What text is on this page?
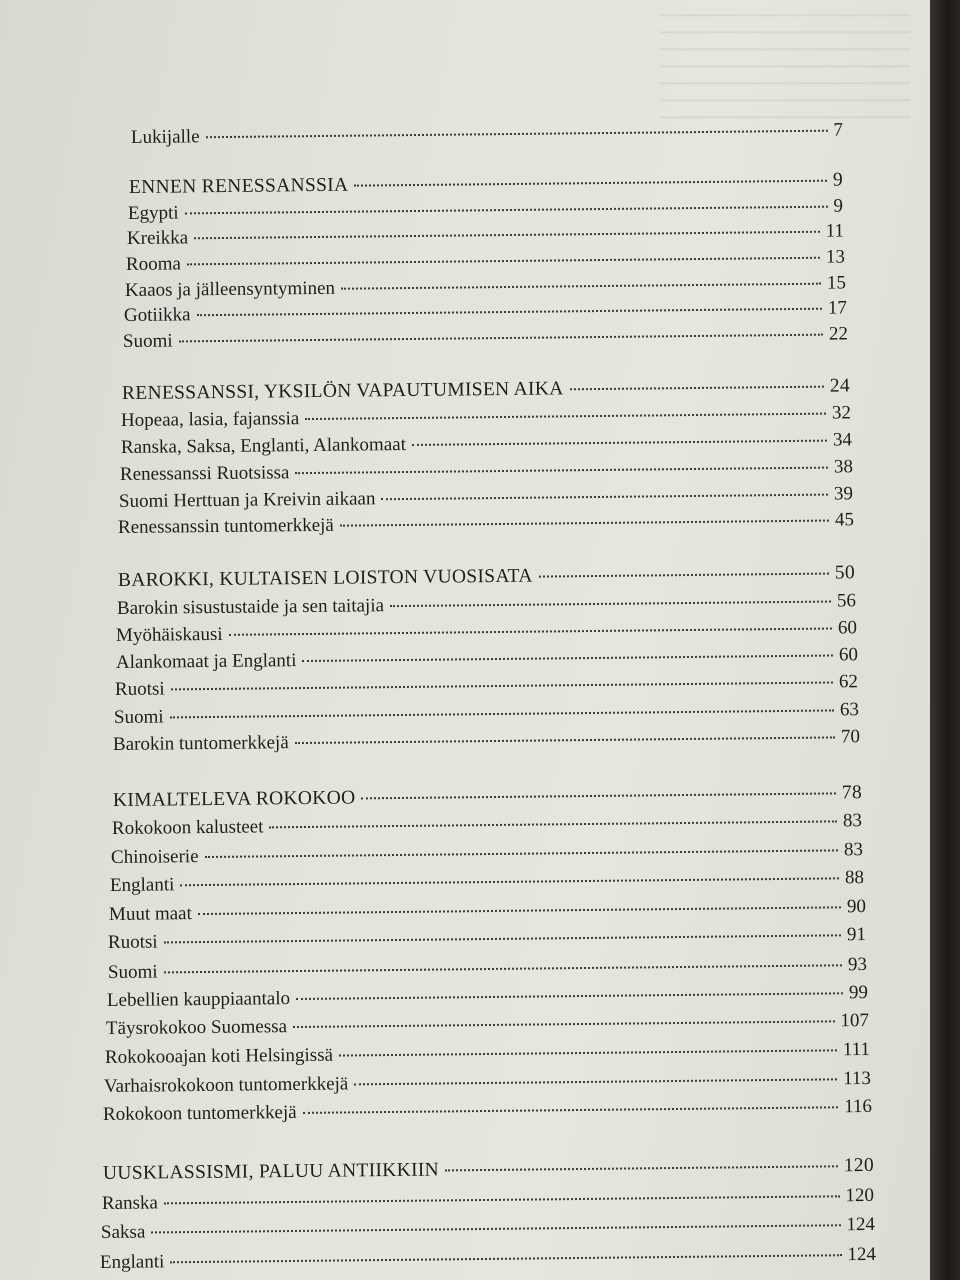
Lukijalle	7
ENNEN RENESSANSSIA	9
Egypti	9
Kreikka	11
Rooma	13
Kaaos ja jälleensyntyminen	15
Gotiikka	17
Suomi	22
RENESSANSSI, YKSILÖN VAPAUTUMISEN AIKA	24
Hopeaa, lasia, fajanssia	32
Ranska, Saksa, Englanti, Alankomaat	34
Renessanssi Ruotsissa	38
Suomi Herttuan ja Kreivin aikaan	39
Renessanssin tuntomerkkejä	45
BAROKKI, KULTAISEN LOISTON VUOSISATA	50
Barokin sisustustaide ja sen taitajia	56
Myöhäiskausi	60
Alankomaat ja Englanti	60
Ruotsi	62
Suomi	63
Barokin tuntomerkkejä	70
KIMALTELEVA ROKOKOO	78
Rokokoon kalusteet	83
Chinoiserie	83
Englanti	88
Muut maat	90
Ruotsi	91
Suomi	93
Lebellien kauppiaantalo	99
Täysrokokoo Suomessa	107
Rokokooajan koti Helsingissä	111
Varhaisrokokoon tuntomerkkejä	113
Rokokoon tuntomerkkejä	116
UUSKLASSISMI, PALUU ANTIIKKIIN	120
Ranska	120
Saksa	124
Englanti	124
